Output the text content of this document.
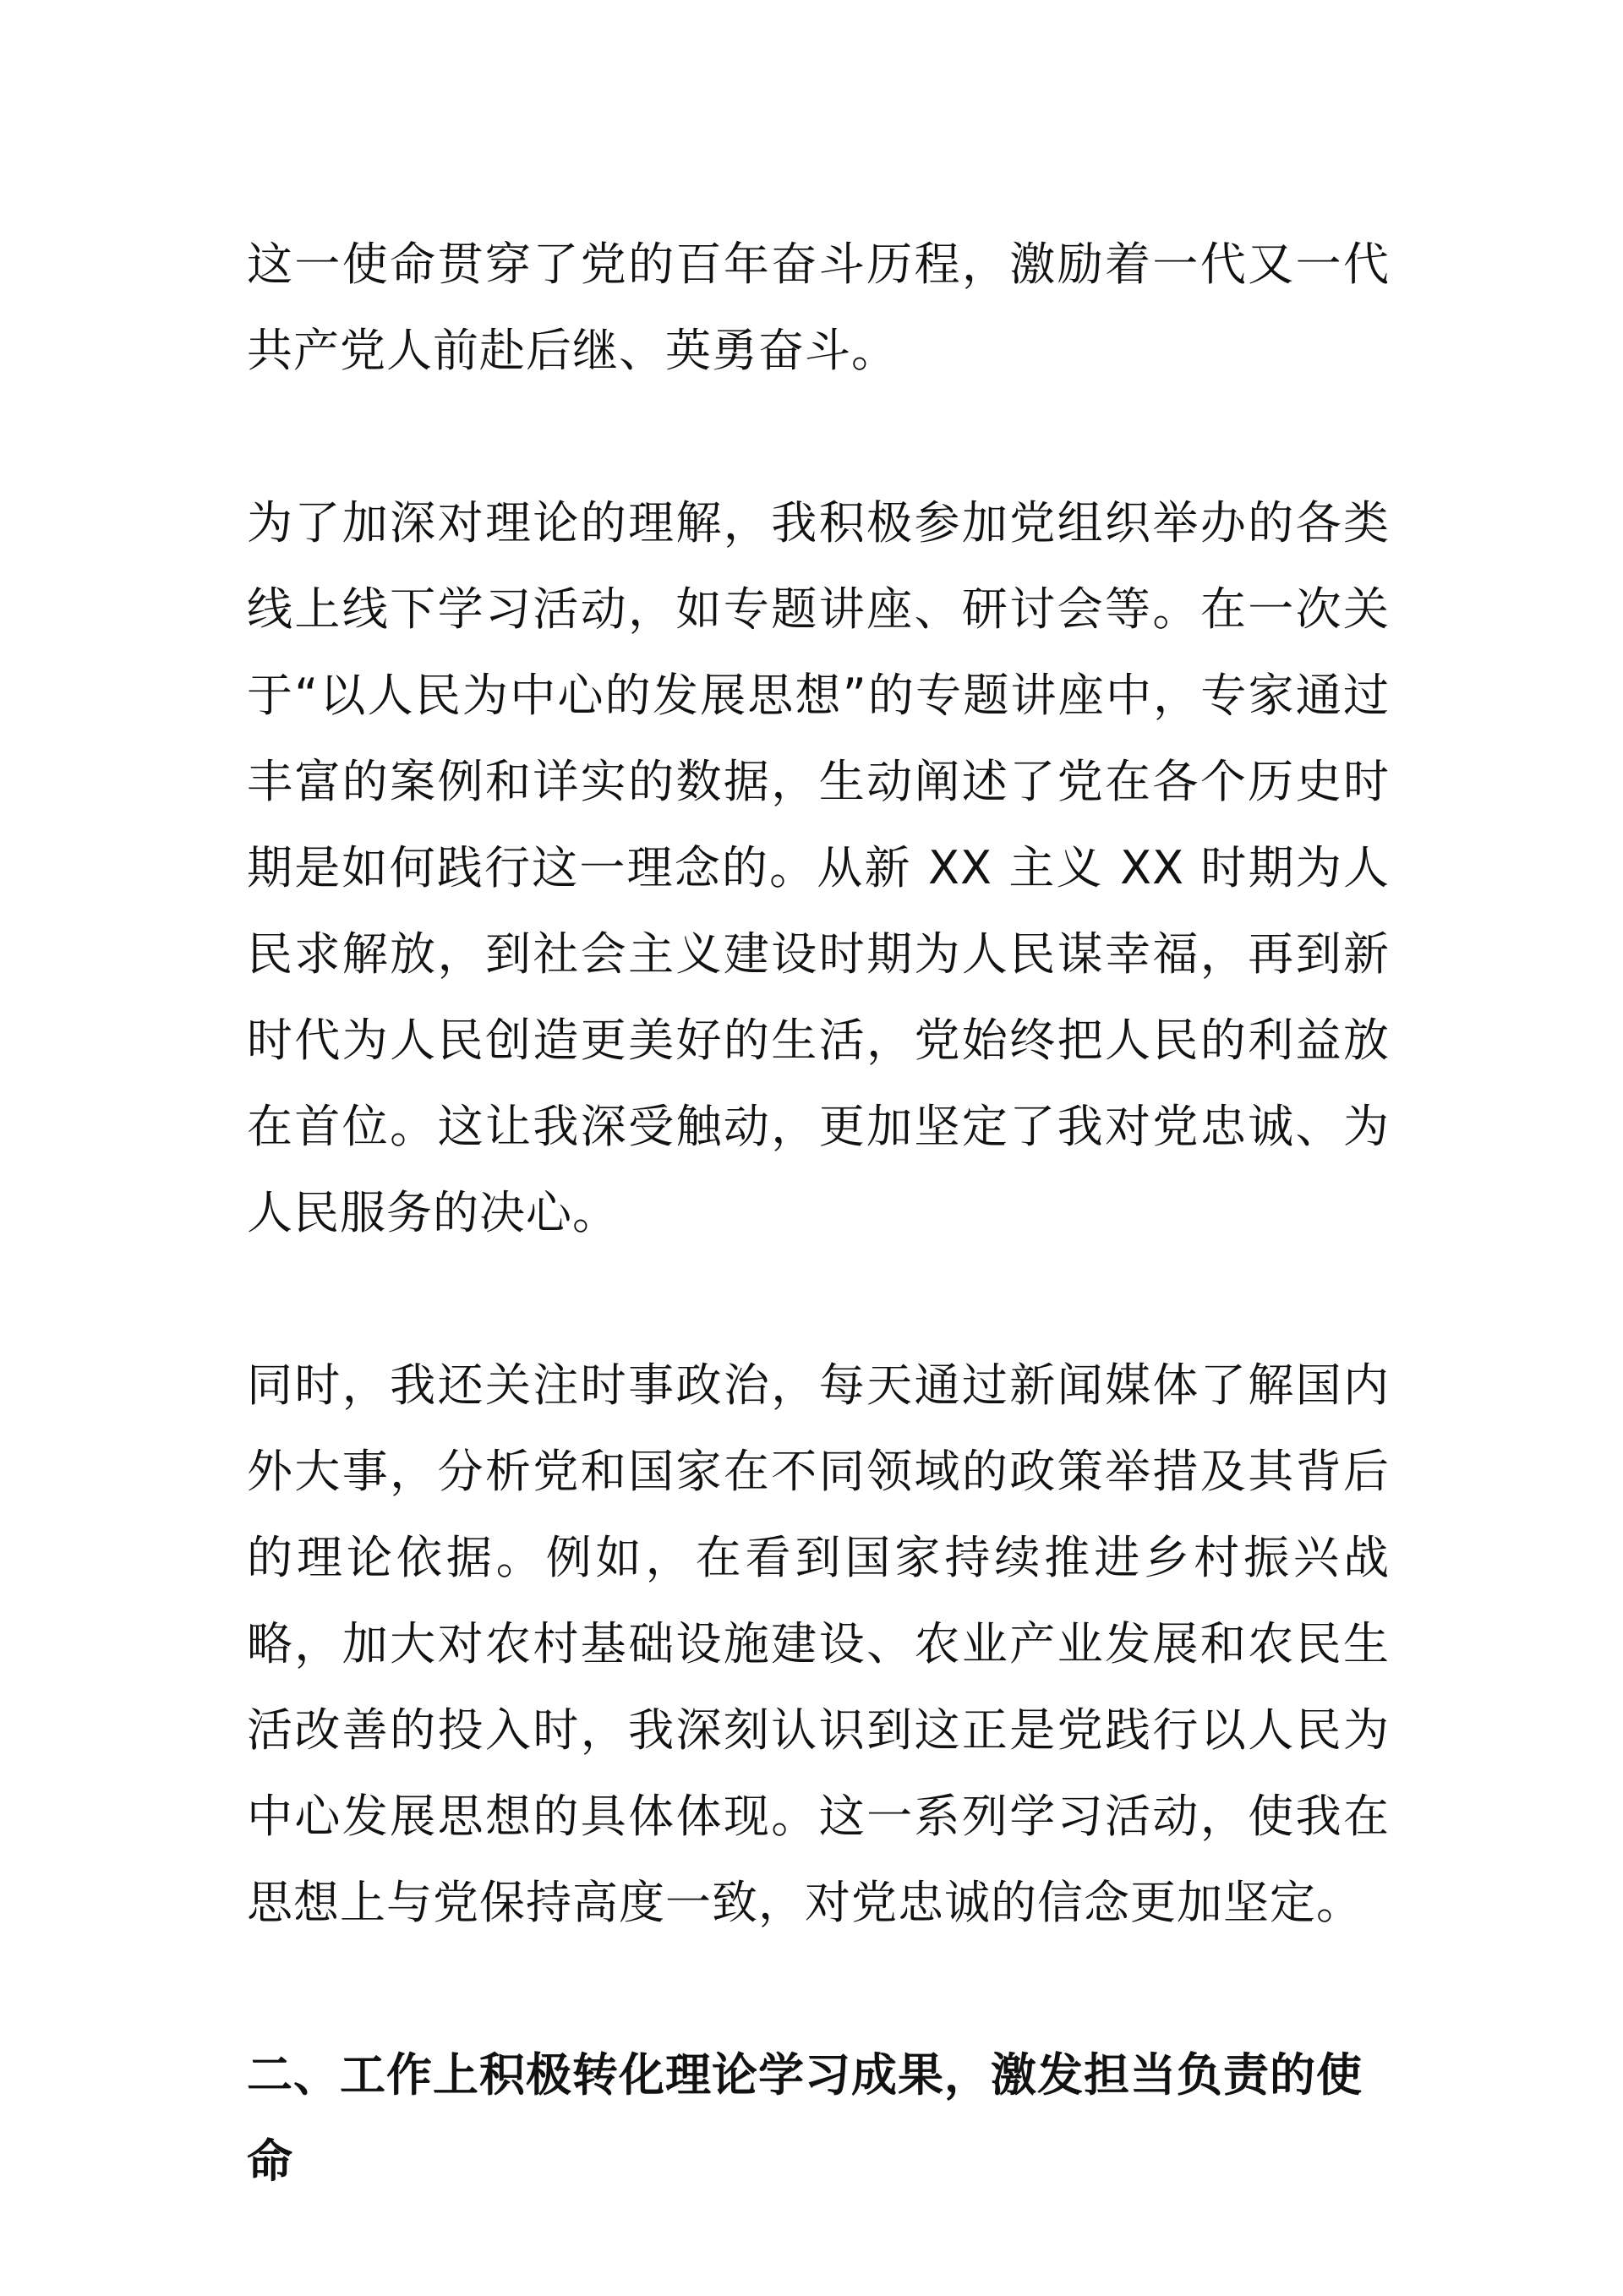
这一使命贯穿了党的百年奋斗历程，激励着一代又一代共产党人前赴后继、英勇奋斗。

为了加深对理论的理解，我积极参加党组织举办的各类线上线下学习活动，如专题讲座、研讨会等。在一次关于“以人民为中心的发展思想”的专题讲座中，专家通过丰富的案例和详实的数据，生动阐述了党在各个历史时期是如何践行这一理念的。从新 XX 主义 XX 时期为人民求解放，到社会主义建设时期为人民谋幸福，再到新时代为人民创造更美好的生活，党始终把人民的利益放在首位。这让我深受触动，更加坚定了我对党忠诚、为人民服务的决心。

同时，我还关注时事政治，每天通过新闻媒体了解国内外大事，分析党和国家在不同领域的政策举措及其背后的理论依据。例如，在看到国家持续推进乡村振兴战略，加大对农村基础设施建设、农业产业发展和农民生活改善的投入时，我深刻认识到这正是党践行以人民为中心发展思想的具体体现。这一系列学习活动，使我在思想上与党保持高度一致，对党忠诚的信念更加坚定。

二、工作上积极转化理论学习成果，激发担当负责的使命
